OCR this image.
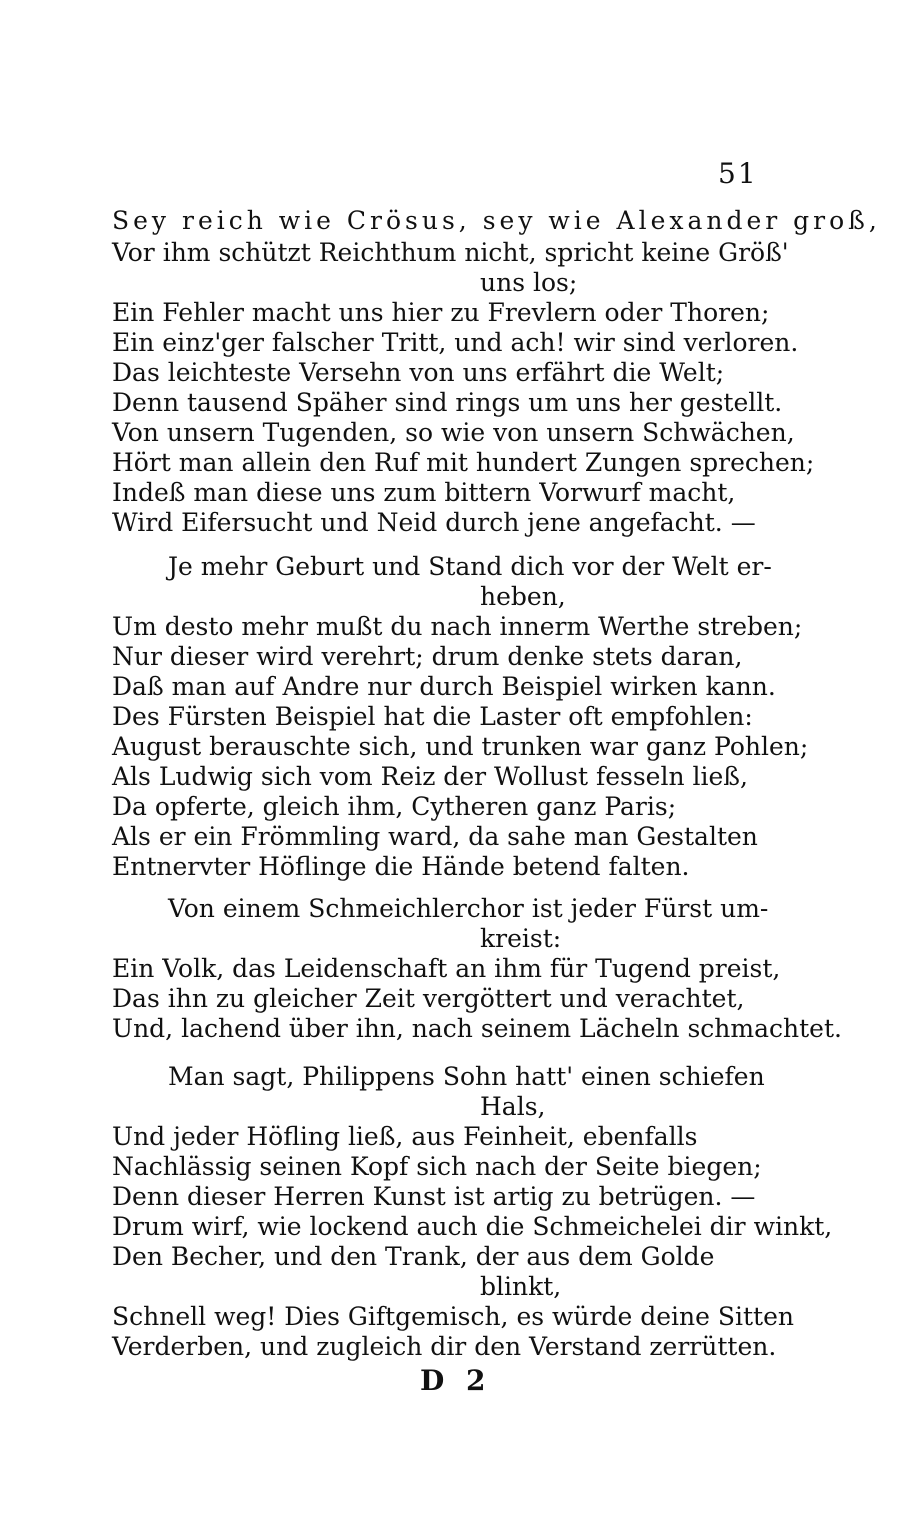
51
Sey reich wie Crösus, sey wie Alexander groß,
Vor ihm schützt Reichthum nicht, spricht keine Größ'
uns los;
Ein Fehler macht uns hier zu Frevlern oder Thoren;
Ein einz'ger falscher Tritt, und ach! wir sind verloren.
Das leichteste Versehn von uns erfährt die Welt;
Denn tausend Späher sind rings um uns her gestellt.
Von unsern Tugenden, so wie von unsern Schwächen,
Hört man allein den Ruf mit hundert Zungen sprechen;
Indeß man diese uns zum bittern Vorwurf macht,
Wird Eifersucht und Neid durch jene angefacht. —
Je mehr Geburt und Stand dich vor der Welt er-
heben,
Um desto mehr mußt du nach innerm Werthe streben;
Nur dieser wird verehrt; drum denke stets daran,
Daß man auf Andre nur durch Beispiel wirken kann.
Des Fürsten Beispiel hat die Laster oft empfohlen:
August berauschte sich, und trunken war ganz Pohlen;
Als Ludwig sich vom Reiz der Wollust fesseln ließ,
Da opferte, gleich ihm, Cytheren ganz Paris;
Als er ein Frömmling ward, da sahe man Gestalten
Entnervter Höflinge die Hände betend falten.
Von einem Schmeichlerchor ist jeder Fürst um-
kreist:
Ein Volk, das Leidenschaft an ihm für Tugend preist,
Das ihn zu gleicher Zeit vergöttert und verachtet,
Und, lachend über ihn, nach seinem Lächeln schmachtet.
Man sagt, Philippens Sohn hatt' einen schiefen
Hals,
Und jeder Höfling ließ, aus Feinheit, ebenfalls
Nachlässig seinen Kopf sich nach der Seite biegen;
Denn dieser Herren Kunst ist artig zu betrügen. —
Drum wirf, wie lockend auch die Schmeichelei dir winkt,
Den Becher, und den Trank, der aus dem Golde
blinkt,
Schnell weg! Dies Giftgemisch, es würde deine Sitten
Verderben, und zugleich dir den Verstand zerrütten.
D 2
